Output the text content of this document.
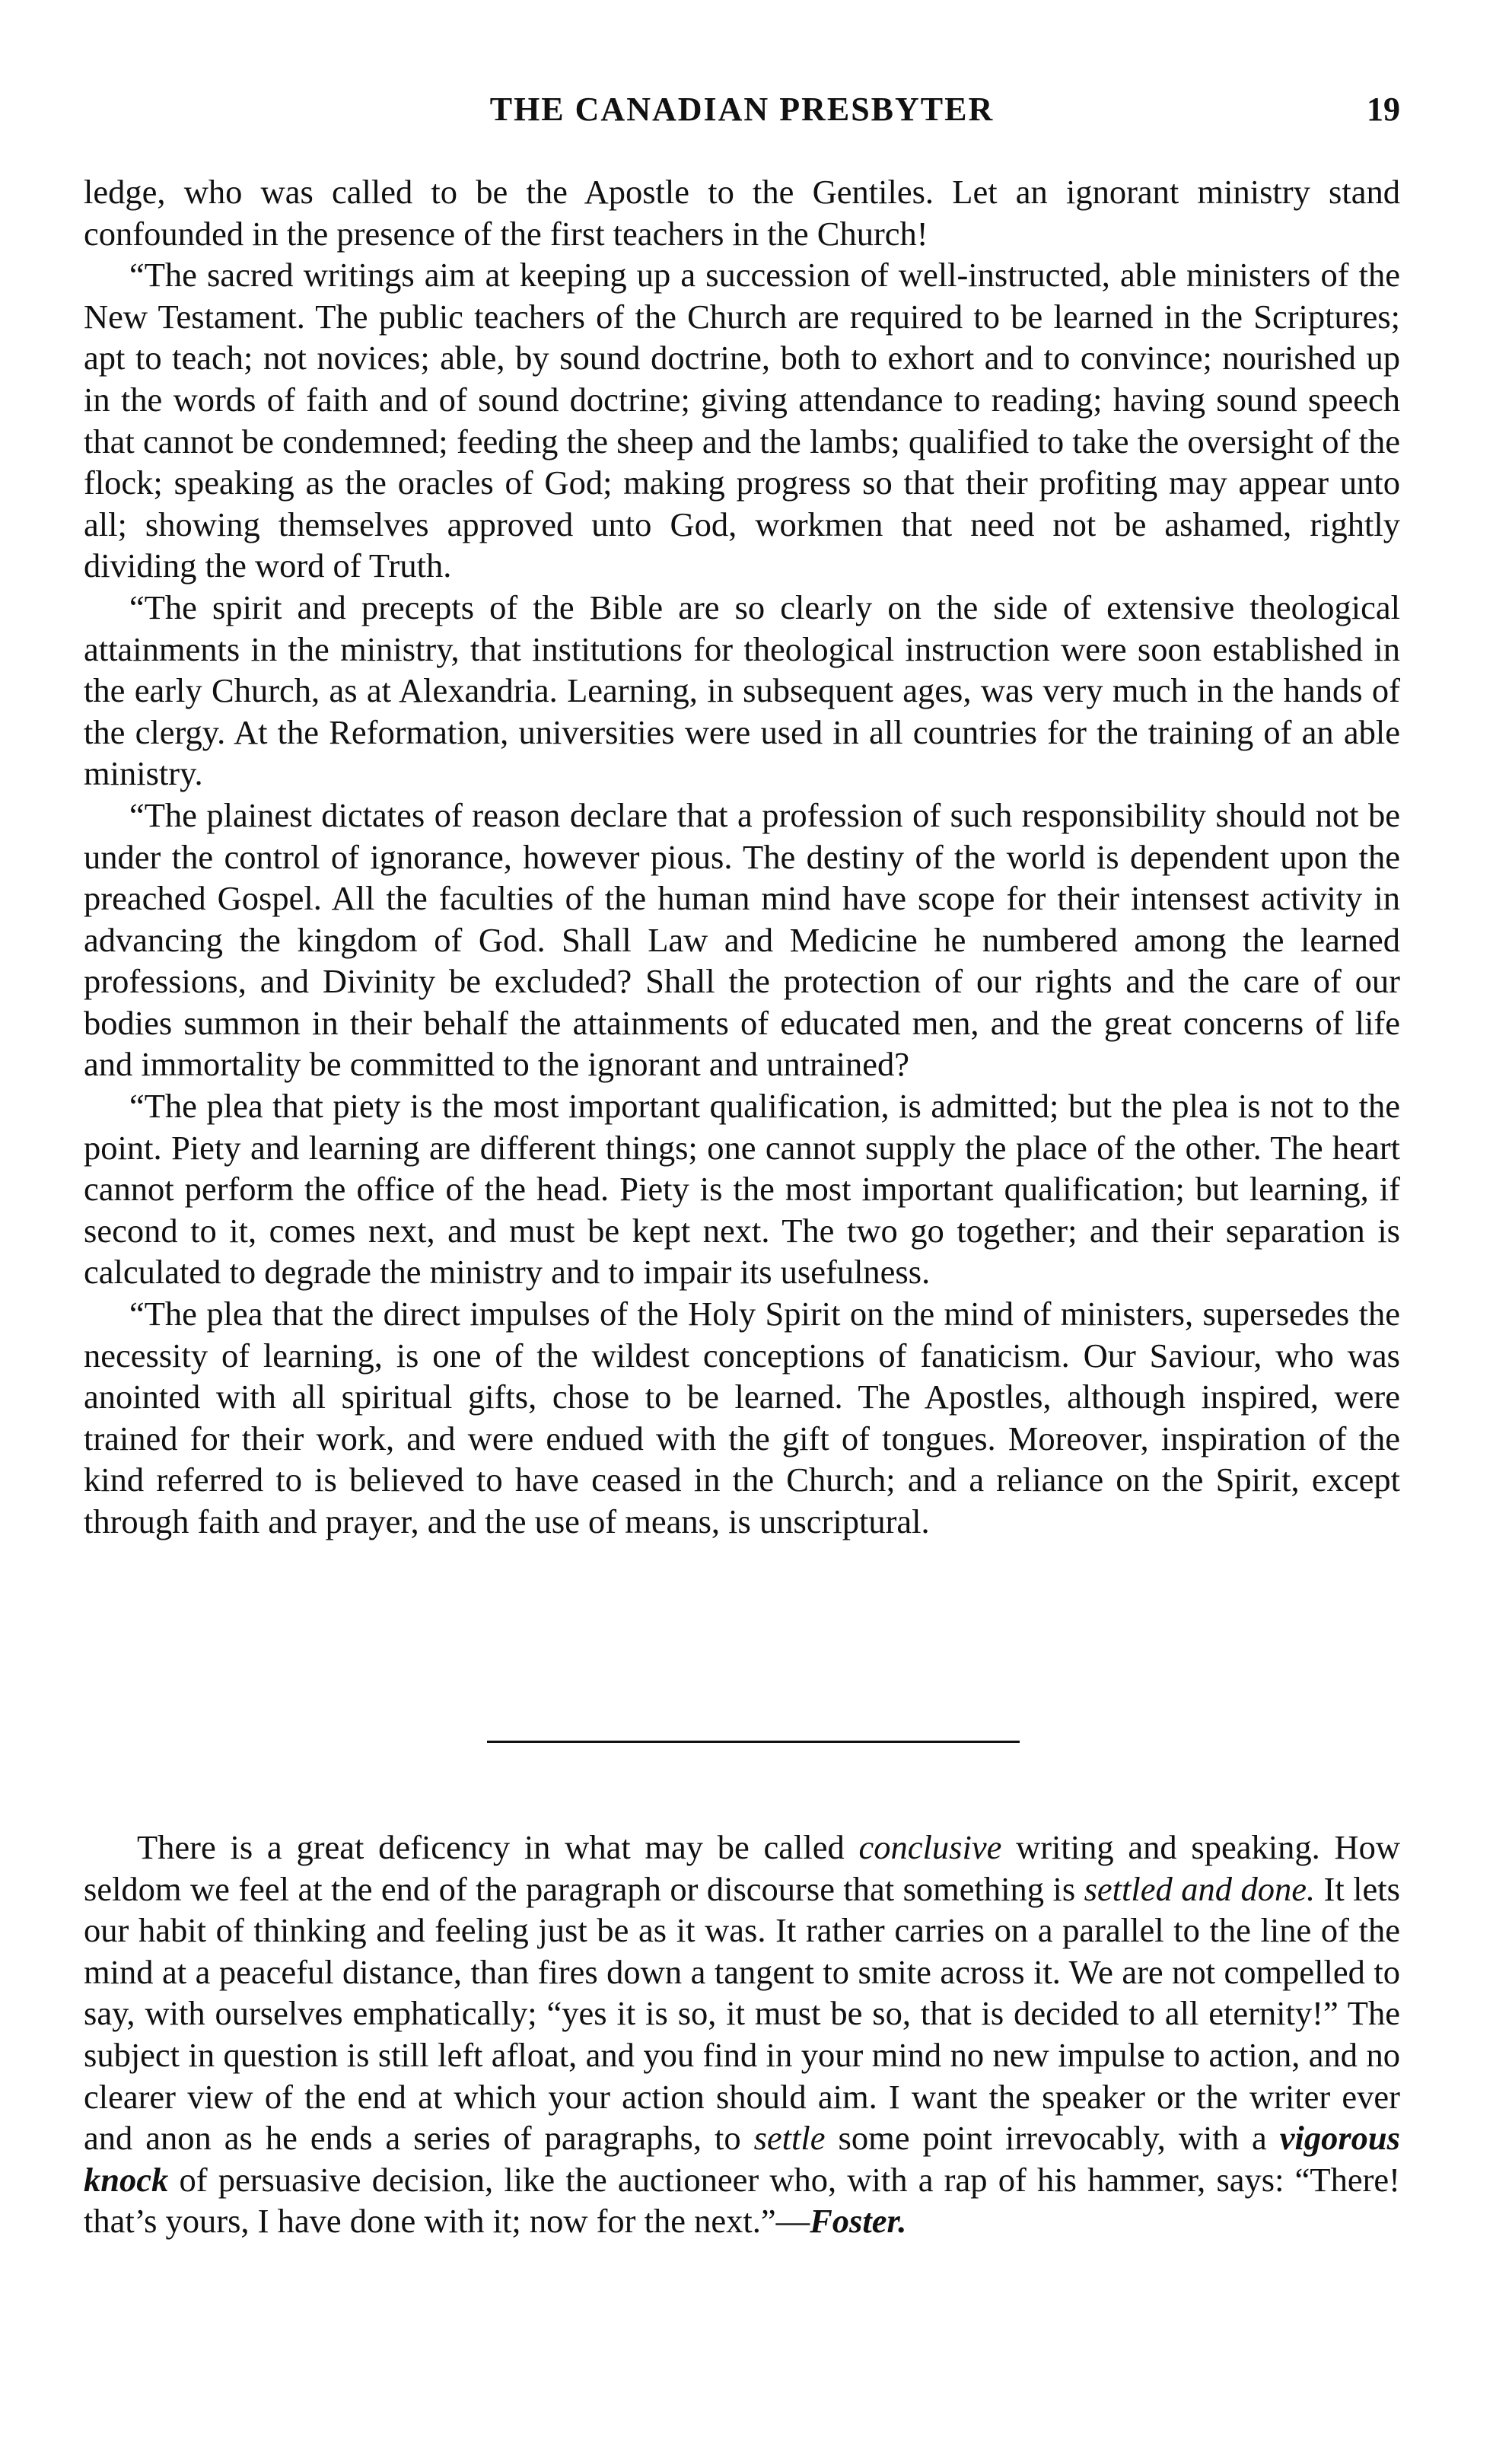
THE CANADIAN PRESBYTER	19

ledge, who was called to be the Apostle to the Gentiles. Let an ignorant ministry stand confounded in the presence of the first teachers in the Church!

“The sacred writings aim at keeping up a succession of well-instructed, able ministers of the New Testament. The public teachers of the Church are required to be learned in the Scriptures; apt to teach; not novices; able, by sound doctrine, both to exhort and to convince; nourished up in the words of faith and of sound doctrine; giving attendance to reading; having sound speech that cannot be condemned; feeding the sheep and the lambs; qualified to take the oversight of the flock; speaking as the oracles of God; making progress so that their profiting may appear unto all; showing themselves approved unto God, workmen that need not be ashamed, rightly dividing the word of Truth.

“The spirit and precepts of the Bible are so clearly on the side of extensive theological attainments in the ministry, that institutions for theological instruction were soon established in the early Church, as at Alexandria. Learning, in subsequent ages, was very much in the hands of the clergy. At the Reformation, universities were used in all countries for the training of an able ministry.

“The plainest dictates of reason declare that a profession of such responsibility should not be under the control of ignorance, however pious. The destiny of the world is dependent upon the preached Gospel. All the faculties of the human mind have scope for their intensest activity in advancing the kingdom of God. Shall Law and Medicine he numbered among the learned professions, and Divinity be excluded? Shall the protection of our rights and the care of our bodies summon in their behalf the attainments of educated men, and the great concerns of life and immortality be committed to the ignorant and untrained?

“The plea that piety is the most important qualification, is admitted; but the plea is not to the point. Piety and learning are different things; one cannot supply the place of the other. The heart cannot perform the office of the head. Piety is the most important qualification; but learning, if second to it, comes next, and must be kept next. The two go together; and their separation is calculated to degrade the ministry and to impair its usefulness.

“The plea that the direct impulses of the Holy Spirit on the mind of ministers, supersedes the necessity of learning, is one of the wildest conceptions of fanaticism. Our Saviour, who was anointed with all spiritual gifts, chose to be learned. The Apostles, although inspired, were trained for their work, and were endued with the gift of tongues. Moreover, inspiration of the kind referred to is believed to have ceased in the Church; and a reliance on the Spirit, except through faith and prayer, and the use of means, is unscriptural.

There is a great deficency in what may be called conclusive writing and speaking. How seldom we feel at the end of the paragraph or discourse that something is settled and done. It lets our habit of thinking and feeling just be as it was. It rather carries on a parallel to the line of the mind at a peaceful distance, than fires down a tangent to smite across it. We are not compelled to say, with ourselves emphatically; “yes it is so, it must be so, that is decided to all eternity!” The subject in question is still left afloat, and you find in your mind no new impulse to action, and no clearer view of the end at which your action should aim. I want the speaker or the writer ever and anon as he ends a series of paragraphs, to settle some point irrevocably, with a vigorous knock of persuasive decision, like the auctioneer who, with a rap of his hammer, says: “There! that’s yours, I have done with it; now for the next.”—Foster.
